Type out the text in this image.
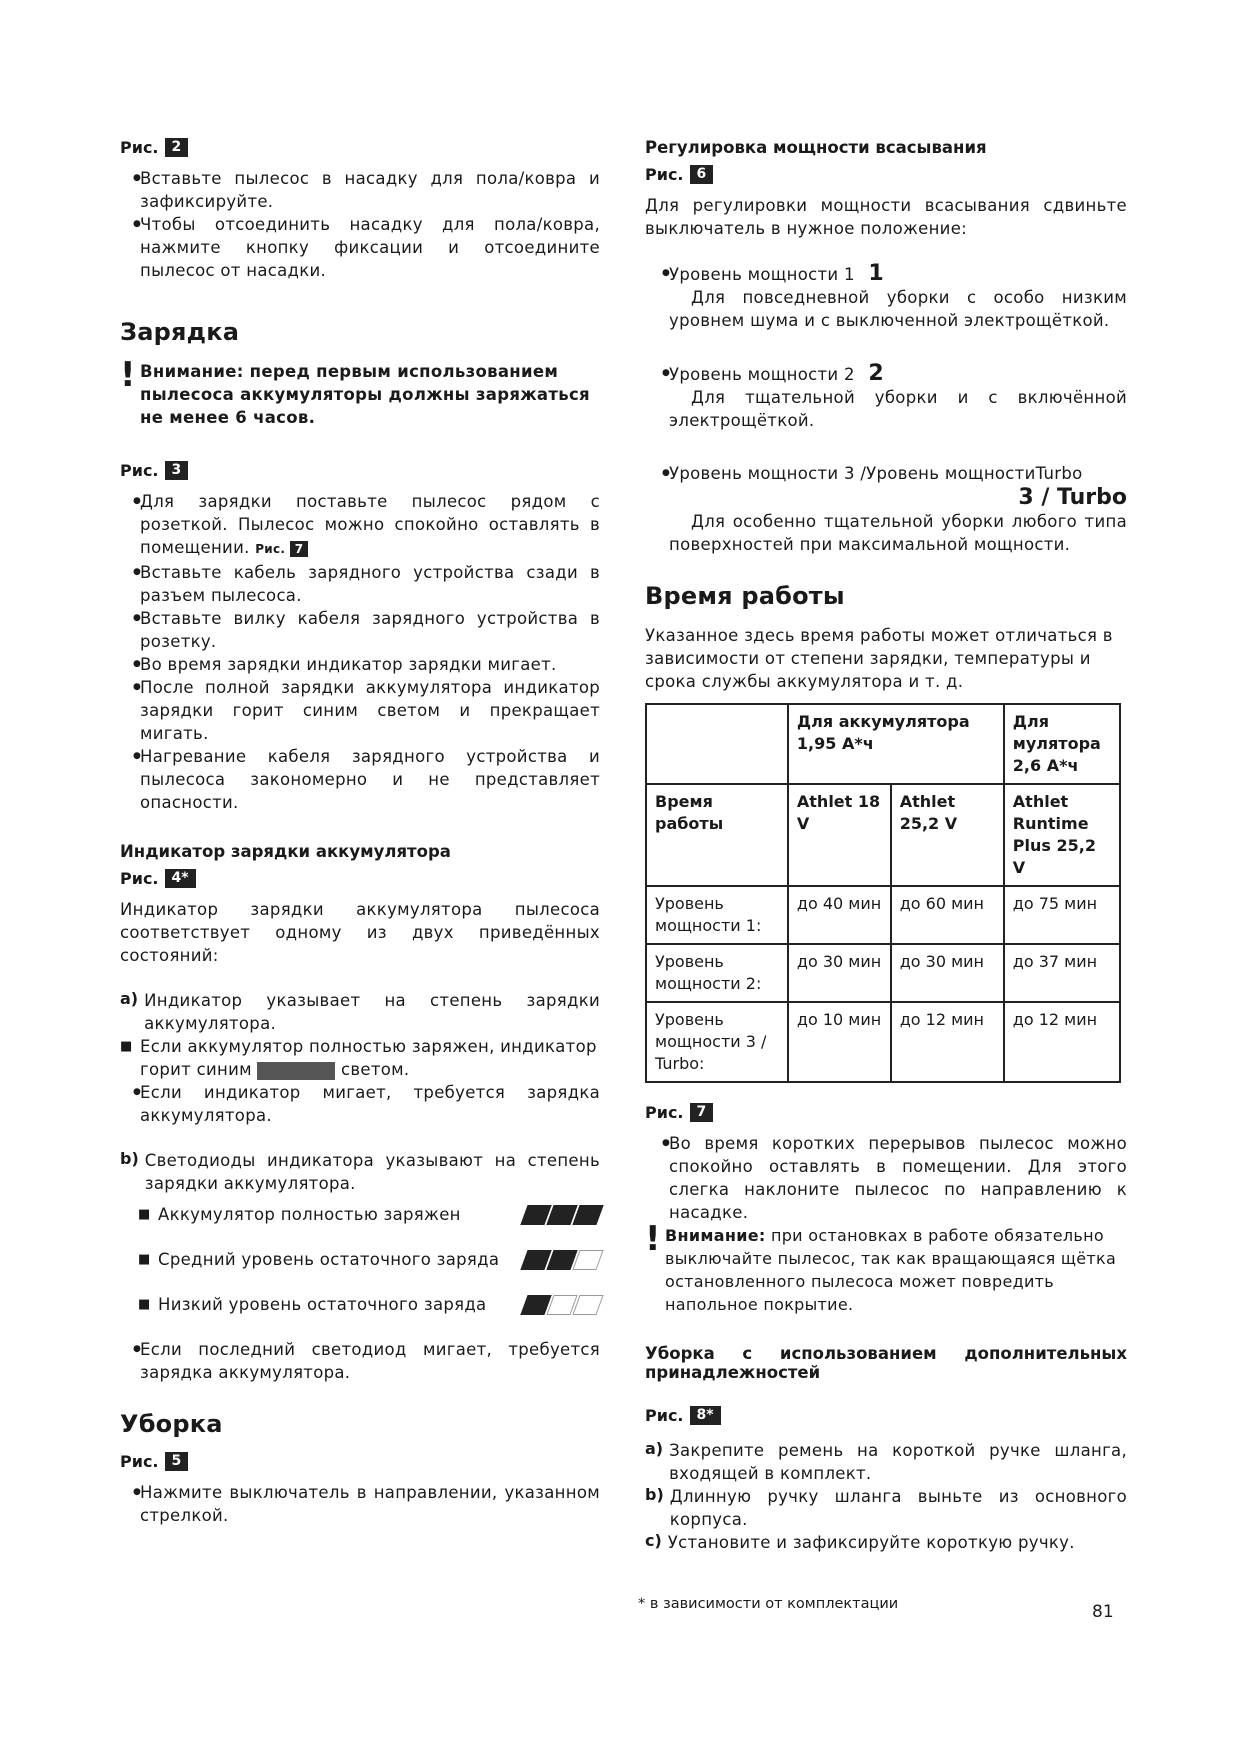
Рис. 2
● Вставьте пылесос в насадку для пола/ковра и зафиксируйте.
● Чтобы отсоединить насадку для пола/ковра, нажмите кнопку фиксации и отсоедините пылесос от насадки.
Зарядка
! Внимание: перед первым использованием пылесоса аккумуляторы должны заряжаться не менее 6 часов.

Рис. 3
● Для зарядки поставьте пылесос рядом с розеткой. Пылесос можно спокойно оставлять в помещении. Рис. 7
● Вставьте кабель зарядного устройства сзади в разъем пылесоса.
● Вставьте вилку кабеля зарядного устройства в розетку.
● Во время зарядки индикатор зарядки мигает.
● После полной зарядки аккумулятора индикатор зарядки горит синим светом и прекращает мигать.
● Нагревание кабеля зарядного устройства и пылесоса закономерно и не представляет опасности.
Индикатор зарядки аккумулятора
Рис. 4*

Индикатор зарядки аккумулятора пылесоса соответствует одному из двух приведённых состояний:

a) Индикатор указывает на степень зарядки аккумулятора.

■ Если аккумулятор полностью заряжен, индикатор горит синим	светом.
● Если индикатор мигает, требуется зарядка аккумулятора.
b) Светодиоды индикатора указывают на степень зарядки аккумулятора.

■ Аккумулятор полностью заряжен
■ Средний уровень остаточного заряда
■ Низкий уровень остаточного заряда
● Если последний светодиод мигает, требуется зарядка аккумулятора.
Уборка
Рис. 5
● Нажмите выключатель в направлении, указанном стрелкой.
Регулировка мощности всасывания
Рис. 6

Для регулировки мощности всасывания сдвиньте выключатель в нужное положение:

● Уровень мощности 1 1

Для повседневной уборки с особо низким уровнем шума и с выключенной электрощёткой.

● Уровень мощности 2 2

Для тщательной уборки и с включённой электрощёткой.

● Уровень мощности 3 /Уровень мощностиTurbo
3 / Turbo

Для особенно тщательной уборки любого типа поверхностей при максимальной мощности.

Время работы

Указанное здесь время работы может отличаться в зависимости от степени зарядки, температуры и срока службы аккумулятора и т. д.

	Для аккумулятора 1,95 А*ч		Для мулятора 2,6 А*ч
Время работы	Athlet 18 V	Athlet 25,2 V	Athlet Runtime Plus 25,2 V
Уровень мощности 1:	до 40 мин	до 60 мин	до 75 мин
Уровень мощности 2:	до 30 мин	до 30 мин	до 37 мин
Уровень мощности 3 / Turbo:	до 10 мин	до 12 мин	до 12 мин
Рис. 7
● Во время коротких перерывов пылесос можно спокойно оставлять в помещении. Для этого слегка наклоните пылесос по направлению к насадке.
! Внимание: при остановках в работе обязательно выключайте пылесос, так как вращающаяся щётка остановленного пылесоса может повредить напольное покрытие.

Уборка с использованием дополнительных принадлежностей
Рис. 8*
a) Закрепите ремень на короткой ручке шланга, входящей в комплект.

b) Длинную ручку шланга выньте из основного корпуса.

c) Установите и зафиксируйте короткую ручку.

* в зависимости от комплектации	81
